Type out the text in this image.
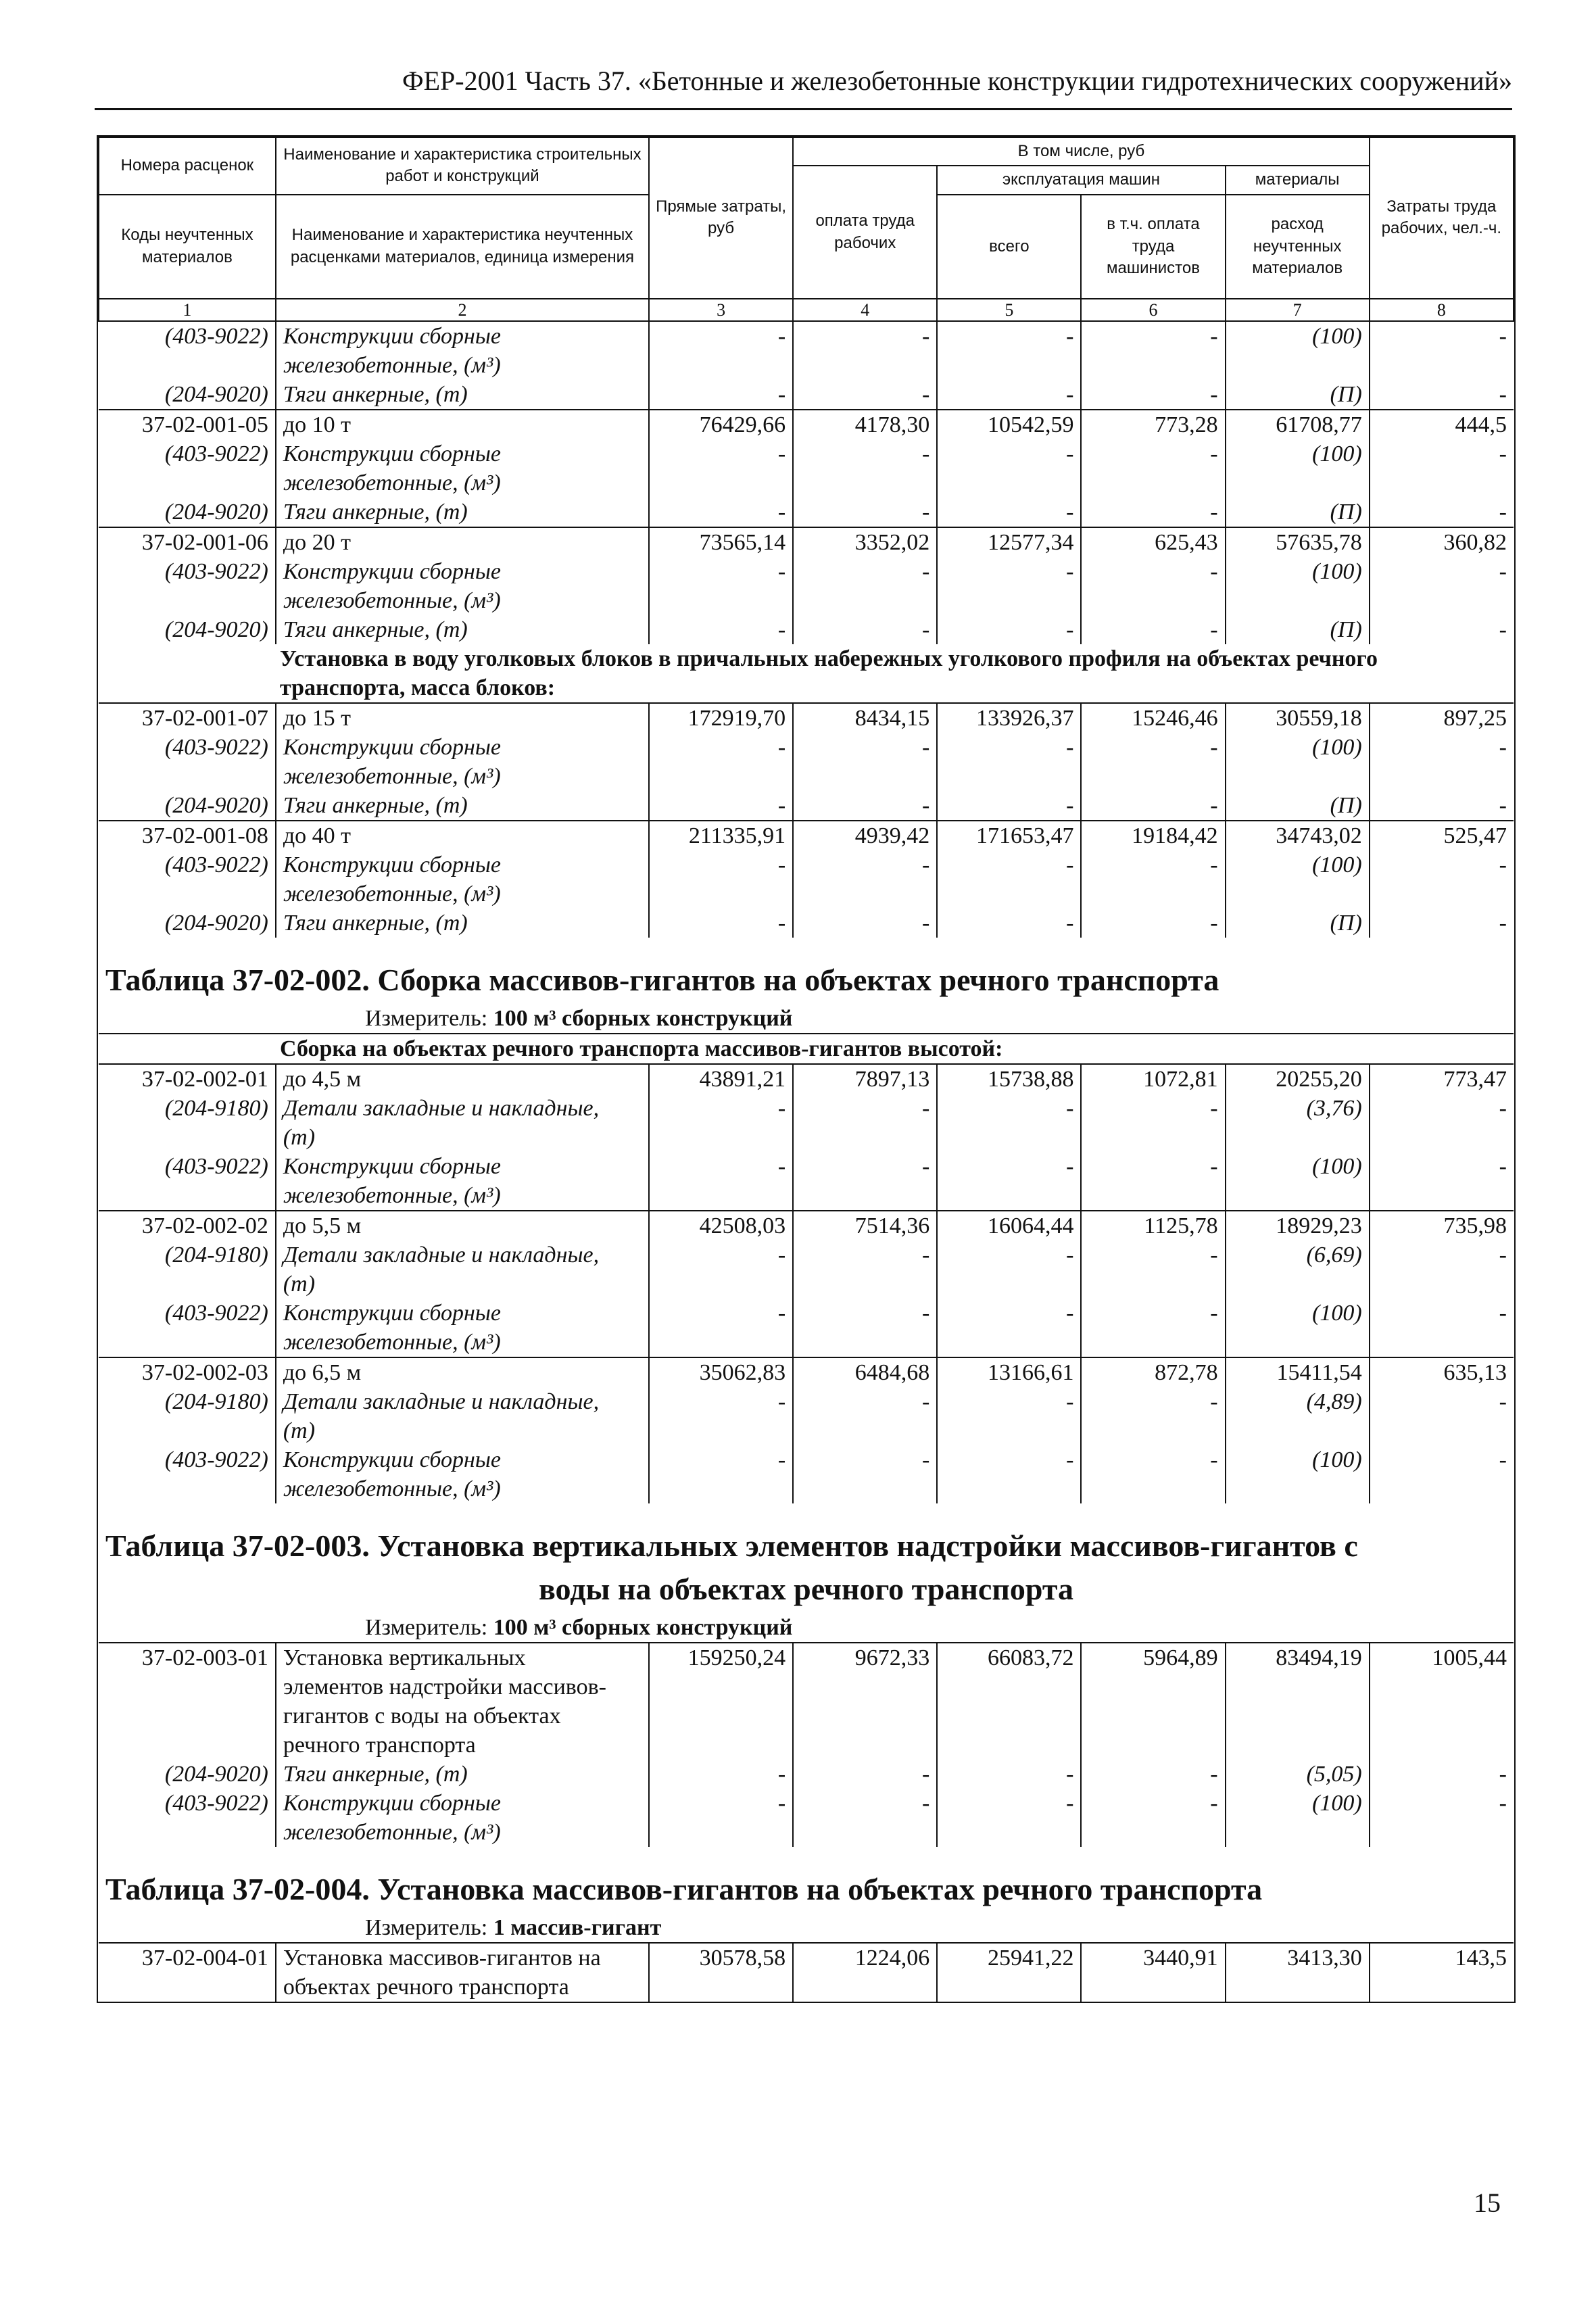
ФЕР-2001 Часть 37. «Бетонные и железобетонные конструкции гидротехнических сооружений»
Номера расценок	Наименование и характеристика строительных работ и конструкций	Прямые затраты, руб	В том числе, руб				Затраты труда рабочих, чел.-ч.
			оплата труда рабочих	эксплуатация машин		материалы	
Коды неучтенных материалов	Наименование и характеристика неучтенных расценками материалов, единица измерения			всего	в т.ч. оплата труда машинистов	расход неучтенных материалов	

1	2	3	4	5	6	7	8
(403-9022)	Конструкции сборные	-	-	-	-	(100)	-
	железобетонные, (м³)						
(204-9020)	Тяги анкерные, (т)	-	-	-	-	(П)	-
37-02-001-05	до 10 т	76429,66	4178,30	10542,59	773,28	61708,77	444,5
(403-9022)	Конструкции сборные	-	-	-	-	(100)	-
	железобетонные, (м³)						
(204-9020)	Тяги анкерные, (т)	-	-	-	-	(П)	-
37-02-001-06	до 20 т	73565,14	3352,02	12577,34	625,43	57635,78	360,82
(403-9022)	Конструкции сборные	-	-	-	-	(100)	-
	железобетонные, (м³)						
(204-9020)	Тяги анкерные, (т)	-	-	-	-	(П)	-
Установка в воду уголковых блоков в причальных набережных уголкового профиля на объектах речного транспорта, масса блоков:							
37-02-001-07	до 15 т	172919,70	8434,15	133926,37	15246,46	30559,18	897,25
(403-9022)	Конструкции сборные	-	-	-	-	(100)	-
	железобетонные, (м³)						
(204-9020)	Тяги анкерные, (т)	-	-	-	-	(П)	-
37-02-001-08	до 40 т	211335,91	4939,42	171653,47	19184,42	34743,02	525,47
(403-9022)	Конструкции сборные	-	-	-	-	(100)	-
	железобетонные, (м³)						
(204-9020)	Тяги анкерные, (т)	-	-	-	-	(П)	-
Таблица 37-02-002. Сборка массивов-гигантов на объектах речного транспорта							
Измеритель: 100 м³ сборных конструкций							
Сборка на объектах речного транспорта массивов-гигантов высотой:							
37-02-002-01	до 4,5 м	43891,21	7897,13	15738,88	1072,81	20255,20	773,47
(204-9180)	Детали закладные и накладные,	-	-	-	-	(3,76)	-
	(т)						
(403-9022)	Конструкции сборные	-	-	-	-	(100)	-
	железобетонные, (м³)						
37-02-002-02	до 5,5 м	42508,03	7514,36	16064,44	1125,78	18929,23	735,98
(204-9180)	Детали закладные и накладные,	-	-	-	-	(6,69)	-
	(т)						
(403-9022)	Конструкции сборные	-	-	-	-	(100)	-
	железобетонные, (м³)						
37-02-002-03	до 6,5 м	35062,83	6484,68	13166,61	872,78	15411,54	635,13
(204-9180)	Детали закладные и накладные,	-	-	-	-	(4,89)	-
	(т)						
(403-9022)	Конструкции сборные	-	-	-	-	(100)	-
	железобетонные, (м³)						
Таблица 37-02-003. Установка вертикальных элементов надстройки массивов-гигантов с							
воды на объектах речного транспорта							
Измеритель: 100 м³ сборных конструкций							
37-02-003-01	Установка вертикальных	159250,24	9672,33	66083,72	5964,89	83494,19	1005,44
	элементов надстройки массивов-						
	гигантов с воды на объектах						
	речного транспорта						
(204-9020)	Тяги анкерные, (т)	-	-	-	-	(5,05)	-
(403-9022)	Конструкции сборные	-	-	-	-	(100)	-
	железобетонные, (м³)						
Таблица 37-02-004. Установка массивов-гигантов на объектах речного транспорта							
Измеритель: 1 массив-гигант							
37-02-004-01	Установка массивов-гигантов на	30578,58	1224,06	25941,22	3440,91	3413,30	143,5
	объектах речного транспорта						
15
